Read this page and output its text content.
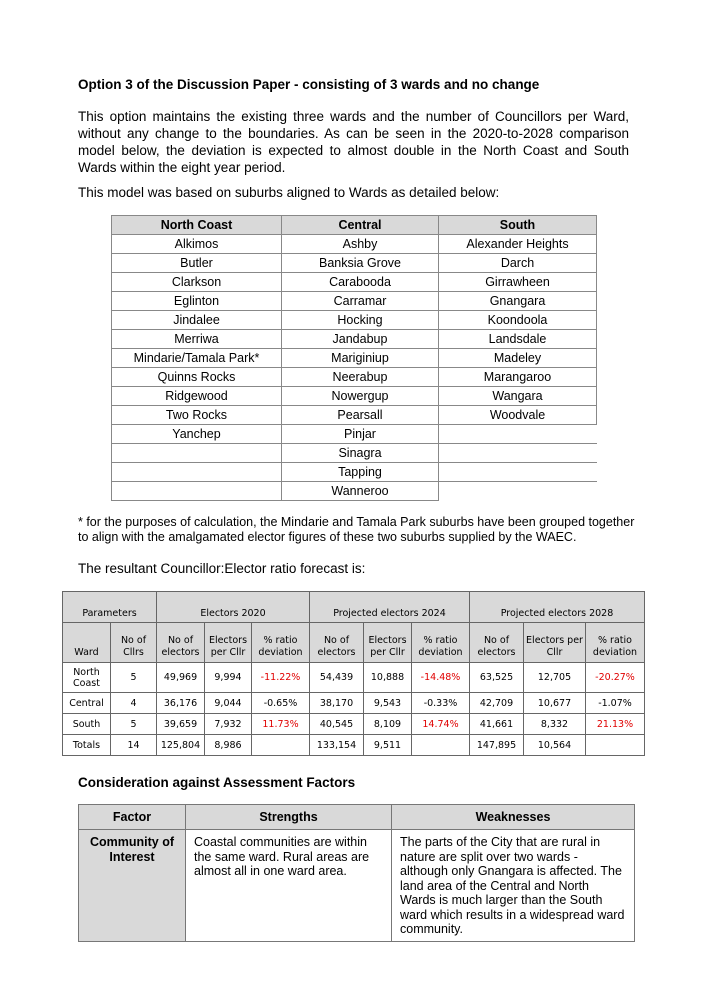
Option 3 of the Discussion Paper - consisting of 3 wards and no change

This option maintains the existing three wards and the number of Councillors per Ward, without any change to the boundaries. As can be seen in the 2020-to-2028 comparison model below, the deviation is expected to almost double in the North Coast and South Wards within the eight year period.

This model was based on suburbs aligned to Wards as detailed below:

North Coast	Central	South
Alkimos	Ashby	Alexander Heights
Butler	Banksia Grove	Darch
Clarkson	Carabooda	Girrawheen
Eglinton	Carramar	Gnangara
Jindalee	Hocking	Koondoola
Merriwa	Jandabup	Landsdale
Mindarie/Tamala Park*	Mariginiup	Madeley
Quinns Rocks	Neerabup	Marangaroo
Ridgewood	Nowergup	Wangara
Two Rocks	Pearsall	Woodvale
Yanchep	Pinjar	
	Sinagra	
	Tapping	
	Wanneroo	

* for the purposes of calculation, the Mindarie and Tamala Park suburbs have been grouped together to align with the amalgamated elector figures of these two suburbs supplied by the WAEC.

The resultant Councillor:Elector ratio forecast is:

Parameters		Electors 2020			Projected electors 2024			Projected electors 2028		
Ward	No of Cllrs	No of electors	Electors per Cllr	% ratio deviation	No of electors	Electors per Cllr	% ratio deviation	No of electors	Electors per Cllr	% ratio deviation
North Coast	5	49,969	9,994	-11.22%	54,439	10,888	-14.48%	63,525	12,705	-20.27%
Central	4	36,176	9,044	-0.65%	38,170	9,543	-0.33%	42,709	10,677	-1.07%
South	5	39,659	7,932	11.73%	40,545	8,109	14.74%	41,661	8,332	21.13%
Totals	14	125,804	8,986		133,154	9,511		147,895	10,564	
Consideration against Assessment Factors
Factor	Strengths	Weaknesses
Community of Interest	Coastal communities are within the same ward. Rural areas are almost all in one ward area.	The parts of the City that are rural in nature are split over two wards - although only Gnangara is affected. The land area of the Central and North Wards is much larger than the South ward which results in a widespread ward community.
